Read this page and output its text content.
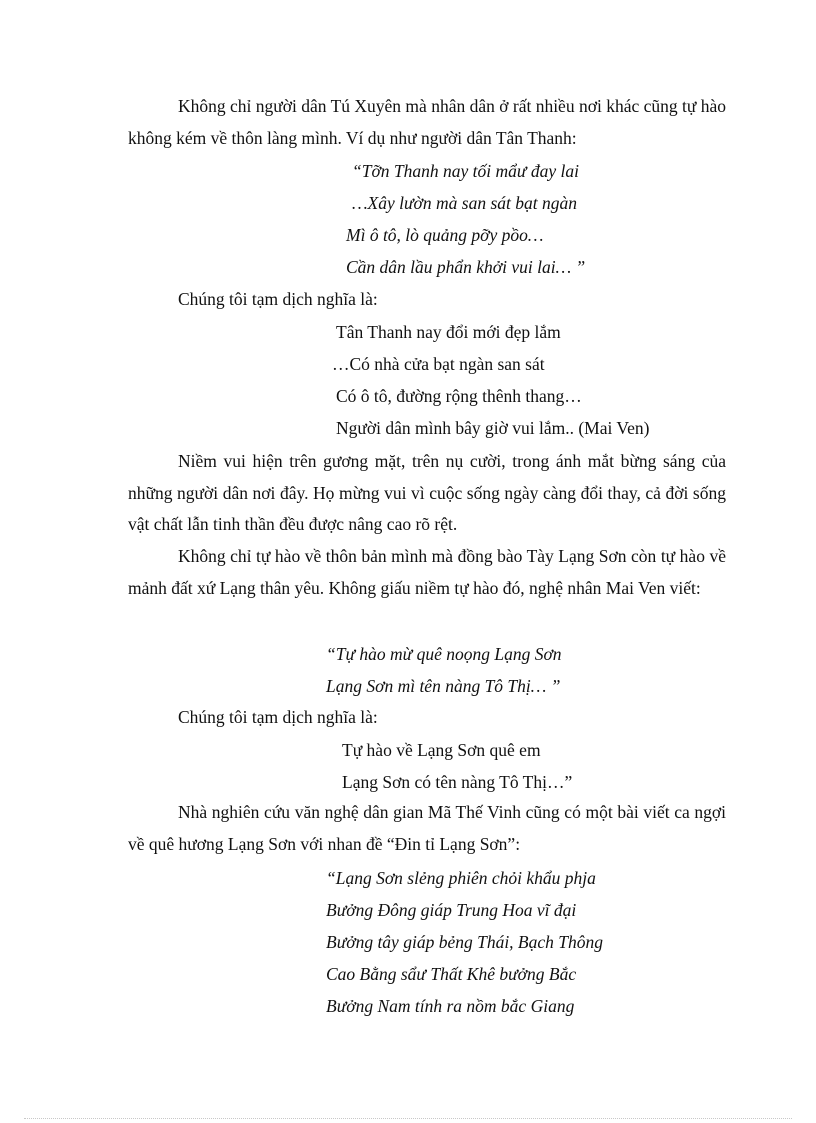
Không chỉ người dân Tú Xuyên mà nhân dân ở rất nhiều nơi khác cũng tự hào không kém về thôn làng mình. Ví dụ như người dân Tân Thanh:

“Tỡn Thanh nay tối mẩư đay lai
…Xây lườn mà san sát bạt ngàn
Mì ô tô, lò quảng pỡy pồo…
Cần dân lầu phẩn khởi vui lai… ”

Chúng tôi tạm dịch nghĩa là:

Tân Thanh nay đổi mới đẹp lắm
…Có nhà cửa bạt ngàn san sát
Có ô tô, đường rộng thênh thang…
Người dân mình bây giờ vui lắm.. (Mai Ven)

Niềm vui hiện trên gương mặt, trên nụ cười, trong ánh mắt bừng sáng của những người dân nơi đây. Họ mừng vui vì cuộc sống ngày càng đổi thay, cả đời sống vật chất lẫn tinh thần đều được nâng cao rõ rệt.

Không chỉ tự hào về thôn bản mình mà đồng bào Tày Lạng Sơn còn tự hào về mảnh đất xứ Lạng thân yêu. Không giấu niềm tự hào đó, nghệ nhân Mai Ven viết:

“Tự hào mừ quê noọng Lạng Sơn
Lạng Sơn mì tên nàng Tô Thị… ”

Chúng tôi tạm dịch nghĩa là:

Tự hào về Lạng Sơn quê em
Lạng Sơn có tên nàng Tô Thị…”

Nhà nghiên cứu văn nghệ dân gian Mã Thế Vinh cũng có một bài viết ca ngợi về quê hương Lạng Sơn với nhan đề “Đin tỉ Lạng Sơn”:

“Lạng Sơn slẻng phiên chỏi khẩu phja
Bưởng Đông giáp Trung Hoa vĩ đại
Bưởng tây giáp bẻng Thái, Bạch Thông
Cao Bằng sẩư Thất Khê bưởng Bắc
Bưởng Nam tính ra nồm bắc Giang
